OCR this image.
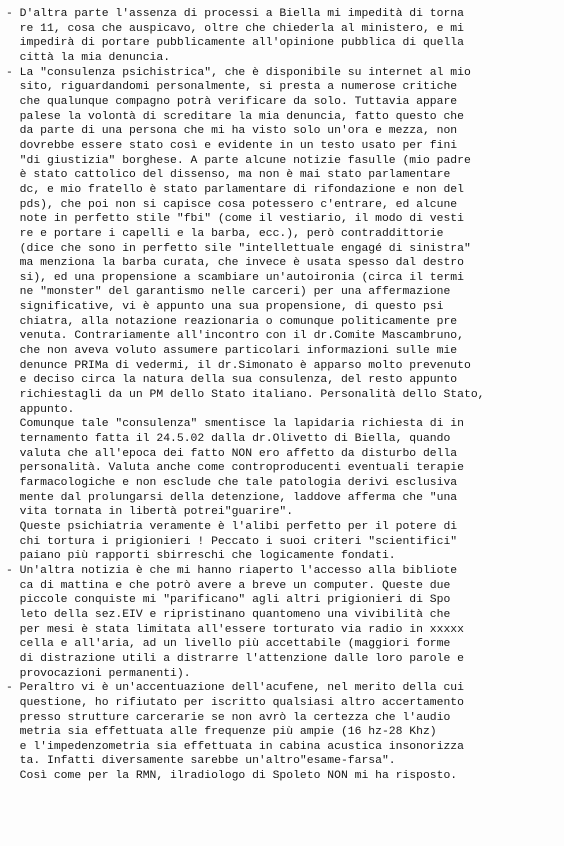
- D'altra parte l'assenza di processi a Biella mi impedità di torna
re 11, cosa che auspicavo, oltre che chiederla al ministero, e mi
impedirà di portare pubblicamente all'opinione pubblica di quella
città la mia denuncia.
- La "consulenza psichistrica", che è disponibile su internet al mio
sito, riguardandomi personalmente, si presta a numerose critiche
che qualunque compagno potrà verificare da solo. Tuttavia appare
palese la volontà di screditare la mia denuncia, fatto questo che
da parte di una persona che mi ha visto solo un'ora e mezza, non
dovrebbe essere stato così e evidente in un testo usato per fini
"di giustizia" borghese. A parte alcune notizie fasulle (mio padre
è stato cattolico del dissenso, ma non è mai stato parlamentare
dc, e mio fratello è stato parlamentare di rifondazione e non del
pds), che poi non si capisce cosa potessero c'entrare, ed alcune
note in perfetto stile "fbi" (come il vestiario, il modo di vesti
re e portare i capelli e la barba, ecc.), però contraddittorie
(dice che sono in perfetto sile "intellettuale engagé di sinistra"
ma menziona la barba curata, che invece è usata spesso dal destro
si), ed una propensione a scambiare un'autoironia (circa il termi
ne "monster" del garantismo nelle carceri) per una affermazione
significative, vi è appunto una sua propensione, di questo psi
chiatra, alla notazione reazionaria o comunque politicamente pre
venuta. Contrariamente all'incontro con il dr.Comite Mascambruno,
che non aveva voluto assumere particolari informazioni sulle mie
denunce PRIMa di vedermi, il dr.Simonato è apparso molto prevenuto
e deciso circa la natura della sua consulenza, del resto appunto
richiestagli da un PM dello Stato italiano. Personalità dello Stato,
appunto.
Comunque tale "consulenza" smentisce la lapidaria richiesta di in
ternamento fatta il 24.5.02 dalla dr.Olivetto di Biella, quando
valuta che all'epoca dei fatto NON ero affetto da disturbo della
personalità. Valuta anche come controproducenti eventuali terapie
farmacologiche e non esclude che tale patologia derivi esclusiva
mente dal prolungarsi della detenzione, laddove afferma che "una
vita tornata in libertà potrei"guarire".
Queste psichiatria veramente è l'alibi perfetto per il potere di
chi tortura i prigionieri ! Peccato i suoi criteri "scientifici"
paiano più rapporti sbirreschi che logicamente fondati.
- Un'altra notizia è che mi hanno riaperto l'accesso alla bibliote
ca di mattina e che potrò avere a breve un computer. Queste due
piccole conquiste mi "parificano" agli altri prigionieri di Spo
leto della sez.EIV e ripristinano quantomeno una vivibilità che
per mesi è stata limitata all'essere torturato via radio in xxxxx
cella e all'aria, ad un livello più accettabile (maggiori forme
di distrazione utili a distrarre l'attenzione dalle loro parole e
provocazioni permanenti).
- Peraltro vi è un'accentuazione dell'acufene, nel merito della cui
questione, ho rifiutato per iscritto qualsiasi altro accertamento
presso strutture carcerarie se non avrò la certezza che l'audio
metria sia effettuata alle frequenze più ampie (16 hz-28 Khz)
e l'impedenzometria sia effettuata in cabina acustica insonorizza
ta. Infatti diversamente sarebbe un'altro"esame-farsa".
Così come per la RMN, ilradiologo di Spoleto NON mi ha risposto.
